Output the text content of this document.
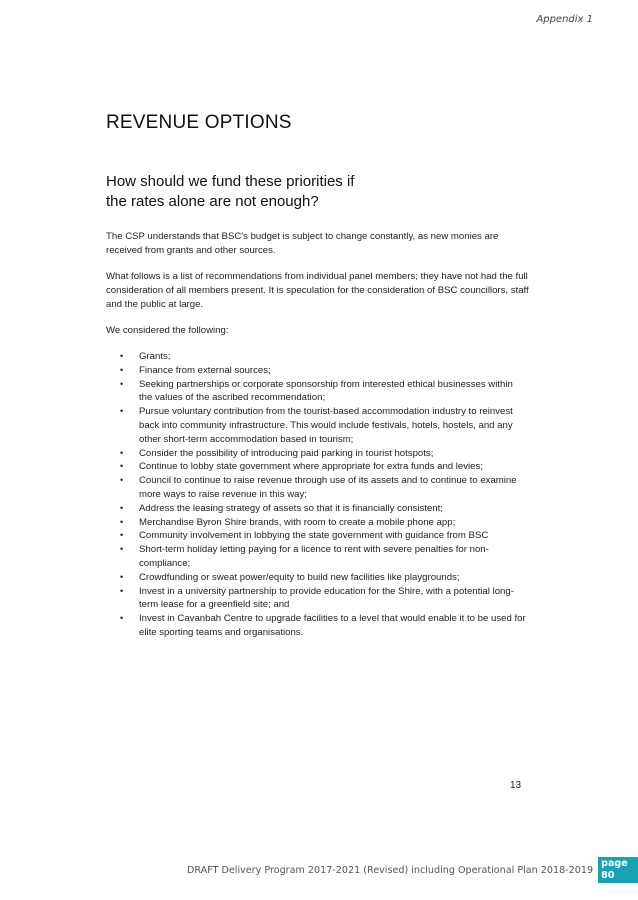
Appendix 1
REVENUE OPTIONS
How should we fund these priorities if
the rates alone are not enough?

The CSP understands that BSC's budget is subject to change constantly, as new monies are received from grants and other sources.

What follows is a list of recommendations from individual panel members; they have not had the full consideration of all members present. It is speculation for the consideration of BSC councillors, staff and the public at large.

We considered the following:

• Grants;
• Finance from external sources;
• Seeking partnerships or corporate sponsorship from interested ethical businesses within the values of the ascribed recommendation;
• Pursue voluntary contribution from the tourist-based accommodation industry to reinvest back into community infrastructure. This would include festivals, hotels, hostels, and any other short-term accommodation based in tourism;
• Consider the possibility of introducing paid parking in tourist hotspots;
• Continue to lobby state government where appropriate for extra funds and levies;
• Council to continue to raise revenue through use of its assets and to continue to examine more ways to raise revenue in this way;
• Address the leasing strategy of assets so that it is financially consistent;
• Merchandise Byron Shire brands, with room to create a mobile phone app;
• Community involvement in lobbying the state government with guidance from BSC
• Short-term holiday letting paying for a licence to rent with severe penalties for non-compliance;
• Crowdfunding or sweat power/equity to build new facilities like playgrounds;
• Invest in a university partnership to provide education for the Shire, with a potential long-term lease for a greenfield site; and
• Invest in Cavanbah Centre to upgrade facilities to a level that would enable it to be used for elite sporting teams and organisations.
13
DRAFT Delivery Program 2017-2021 (Revised) including Operational Plan 2018-2019
page 80
